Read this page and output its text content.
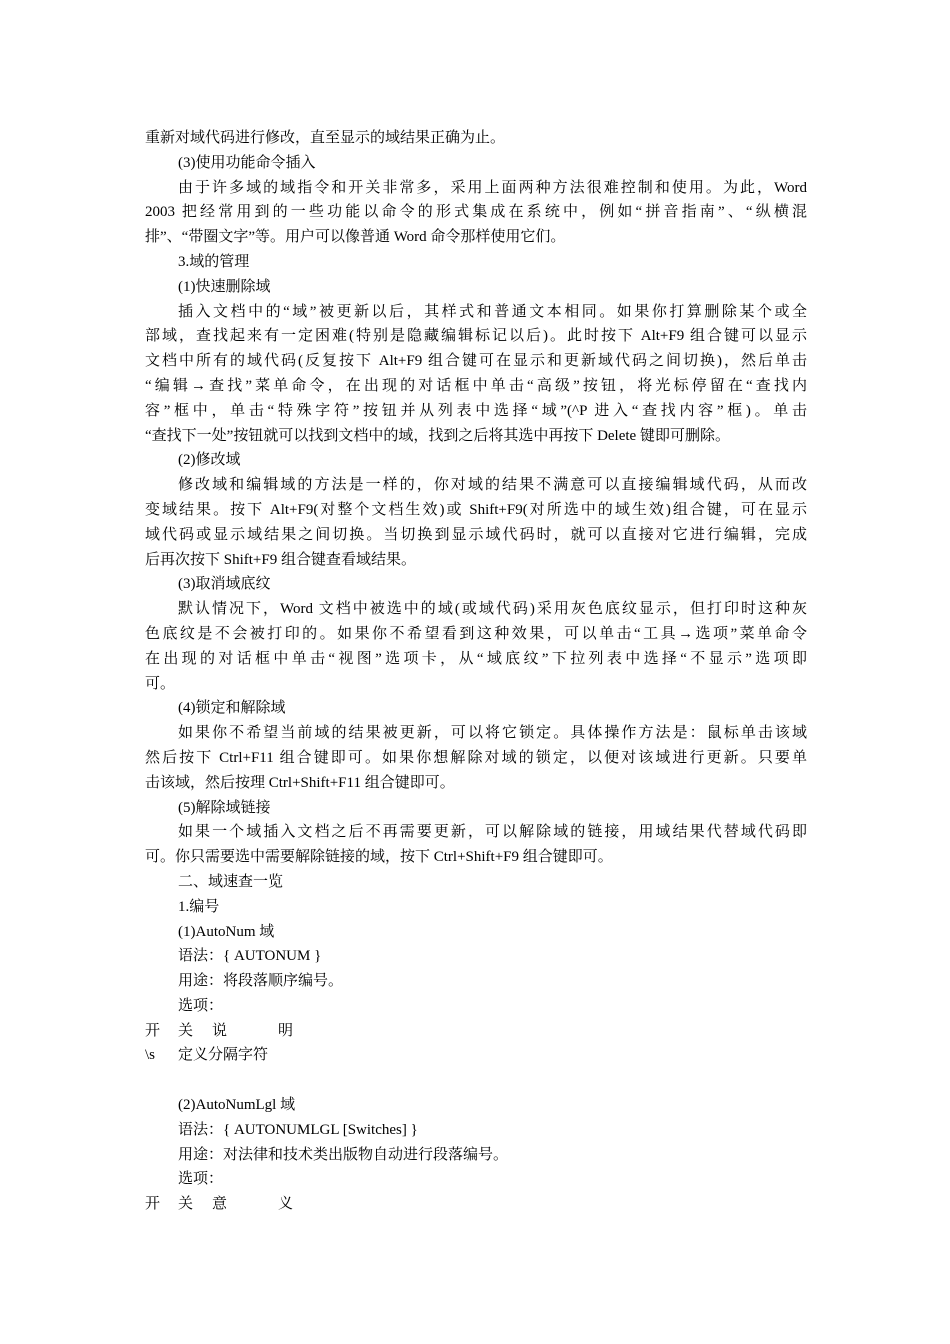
重新对域代码进行修改，直至显示的域结果正确为止。
(3)使用功能命令插入
由于许多域的域指令和开关非常多，采用上面两种方法很难控制和使用。为此，Word
2003 把经常用到的一些功能以命令的形式集成在系统中，例如“拼音指南”、“纵横混
排”、“带圈文字”等。用户可以像普通 Word 命令那样使用它们。
3.域的管理
(1)快速删除域
插入文档中的“域”被更新以后，其样式和普通文本相同。如果你打算删除某个或全
部域，查找起来有一定困难(特别是隐藏编辑标记以后)。此时按下 Alt+F9 组合键可以显示
文档中所有的域代码(反复按下 Alt+F9 组合键可在显示和更新域代码之间切换)，然后单击
“编辑→查找”菜单命令，在出现的对话框中单击“高级”按钮，将光标停留在“查找内
容”框中，单击“特殊字符”按钮并从列表中选择“域”(^P 进入“查找内容”框)。单击
“查找下一处”按钮就可以找到文档中的域，找到之后将其选中再按下 Delete 键即可删除。
(2)修改域
修改域和编辑域的方法是一样的，你对域的结果不满意可以直接编辑域代码，从而改
变域结果。按下 Alt+F9(对整个文档生效)或 Shift+F9(对所选中的域生效)组合键，可在显示
域代码或显示域结果之间切换。当切换到显示域代码时，就可以直接对它进行编辑，完成
后再次按下 Shift+F9 组合键查看域结果。
(3)取消域底纹
默认情况下，Word 文档中被选中的域(或域代码)采用灰色底纹显示，但打印时这种灰
色底纹是不会被打印的。如果你不希望看到这种效果，可以单击“工具→选项”菜单命令
在出现的对话框中单击“视图”选项卡，从“域底纹”下拉列表中选择“不显示”选项即
可。
(4)锁定和解除域
如果你不希望当前域的结果被更新，可以将它锁定。具体操作方法是：鼠标单击该域
然后按下 Ctrl+F11 组合键即可。如果你想解除对域的锁定，以便对该域进行更新。只要单
击该域，然后按理 Ctrl+Shift+F11 组合键即可。
(5)解除域链接
如果一个域插入文档之后不再需要更新，可以解除域的链接，用域结果代替域代码即
可。你只需要选中需要解除链接的域，按下 Ctrl+Shift+F9 组合键即可。
二、域速查一览
1.编号
(1)AutoNum 域
语法：{ AUTONUM }
用途：将段落顺序编号。
选项：
开 关 说	明
\s 定义分隔字符
(2)AutoNumLgl 域
语法：{ AUTONUMLGL [Switches] }
用途：对法律和技术类出版物自动进行段落编号。
选项：
开 关 意	义
